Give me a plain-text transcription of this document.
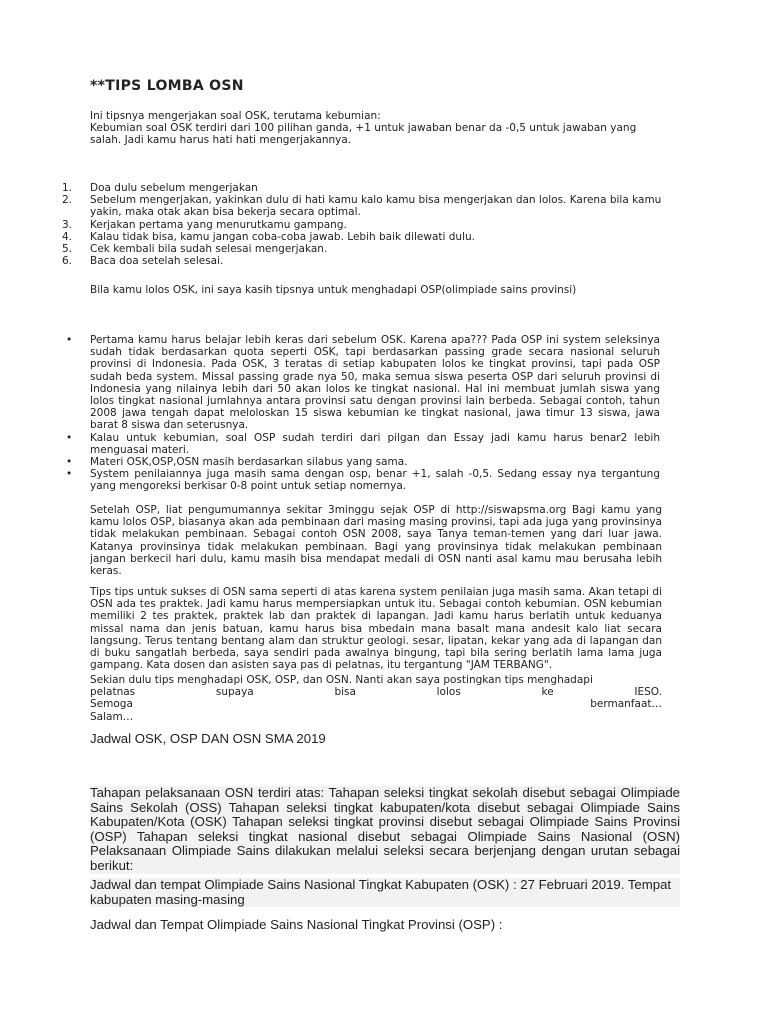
**TIPS LOMBA OSN
Ini tipsnya mengerjakan soal OSK, terutama kebumian:
Kebumian soal OSK terdiri dari 100 pilihan ganda, +1 untuk jawaban benar da -0,5 untuk jawaban yang salah. Jadi kamu harus hati hati mengerjakannya.
1. Doa dulu sebelum mengerjakan
2. Sebelum mengerjakan, yakinkan dulu di hati kamu kalo kamu bisa mengerjakan dan lolos. Karena bila kamu yakin, maka otak akan bisa bekerja secara optimal.
3. Kerjakan pertama yang menurutkamu gampang.
4. Kalau tidak bisa, kamu jangan coba-coba jawab. Lebih baik dilewati dulu.
5. Cek kembali bila sudah selesai mengerjakan.
6. Baca doa setelah selesai.
Bila kamu lolos OSK, ini saya kasih tipsnya untuk menghadapi OSP(olimpiade sains provinsi)
• Pertama kamu harus belajar lebih keras dari sebelum OSK. Karena apa??? Pada OSP ini system seleksinya sudah tidak berdasarkan quota seperti OSK, tapi berdasarkan passing grade secara nasional seluruh provinsi di Indonesia. Pada OSK, 3 teratas di setiap kabupaten lolos ke tingkat provinsi, tapi pada OSP sudah beda system. Missal passing grade nya 50, maka semua siswa peserta OSP dari seluruh provinsi di Indonesia yang nilainya lebih dari 50 akan lolos ke tingkat nasional. Hal ini membuat jumlah siswa yang lolos tingkat nasional jumlahnya antara provinsi satu dengan provinsi lain berbeda. Sebagai contoh, tahun 2008 jawa tengah dapat meloloskan 15 siswa kebumian ke tingkat nasional, jawa timur 13 siswa, jawa barat 8 siswa dan seterusnya.
• Kalau untuk kebumian, soal OSP sudah terdiri dari pilgan dan Essay jadi kamu harus benar2 lebih menguasai materi.
• Materi OSK,OSP,OSN masih berdasarkan silabus yang sama.
• System penilaiannya juga masih sama dengan osp, benar +1, salah -0,5. Sedang essay nya tergantung yang mengoreksi berkisar 0-8 point untuk setiap nomernya.
Setelah OSP, liat pengumumannya sekitar 3minggu sejak OSP di http://siswapsma.org Bagi kamu yang kamu lolos OSP, biasanya akan ada pembinaan dari masing masing provinsi, tapi ada juga yang provinsinya tidak melakukan pembinaan. Sebagai contoh OSN 2008, saya Tanya teman-temen yang dari luar jawa. Katanya provinsinya tidak melakukan pembinaan. Bagi yang provinsinya tidak melakukan pembinaan jangan berkecil hari dulu, kamu masih bisa mendapat medali di OSN nanti asal kamu mau berusaha lebih keras.
Tips tips untuk sukses di OSN sama seperti di atas karena system penilaian juga masih sama. Akan tetapi di OSN ada tes praktek. Jadi kamu harus mempersiapkan untuk itu. Sebagai contoh kebumian. OSN kebumian memiliki 2 tes praktek, praktek lab dan praktek di lapangan. Jadi kamu harus berlatih untuk keduanya missal nama dan jenis batuan, kamu harus bisa mbedain mana basalt mana andesit kalo liat secara langsung. Terus tentang bentang alam dan struktur geologi. sesar, lipatan, kekar yang ada di lapangan dan di buku sangatlah berbeda, saya sendiri pada awalnya bingung, tapi bila sering berlatih lama lama juga gampang. Kata dosen dan asisten saya pas di pelatnas, itu tergantung "JAM TERBANG".
Sekian dulu tips menghadapi OSK, OSP, dan OSN. Nanti akan saya postingkan tips menghadapi
pelatnas	supaya	bisa	lolos	ke	IESO.
Semoga	bermanfaat…
Salam…
Jadwal OSK, OSP DAN OSN SMA 2019
Tahapan pelaksanaan OSN terdiri atas: Tahapan seleksi tingkat sekolah disebut sebagai Olimpiade Sains Sekolah (OSS) Tahapan seleksi tingkat kabupaten/kota disebut sebagai Olimpiade Sains Kabupaten/Kota (OSK) Tahapan seleksi tingkat provinsi disebut sebagai Olimpiade Sains Provinsi (OSP) Tahapan seleksi tingkat nasional disebut sebagai Olimpiade Sains Nasional (OSN) Pelaksanaan Olimpiade Sains dilakukan melalui seleksi secara berjenjang dengan urutan sebagai berikut:
Jadwal dan tempat Olimpiade Sains Nasional Tingkat Kabupaten (OSK) : 27 Februari 2019. Tempat kabupaten masing-masing
Jadwal dan Tempat Olimpiade Sains Nasional Tingkat Provinsi (OSP) :
